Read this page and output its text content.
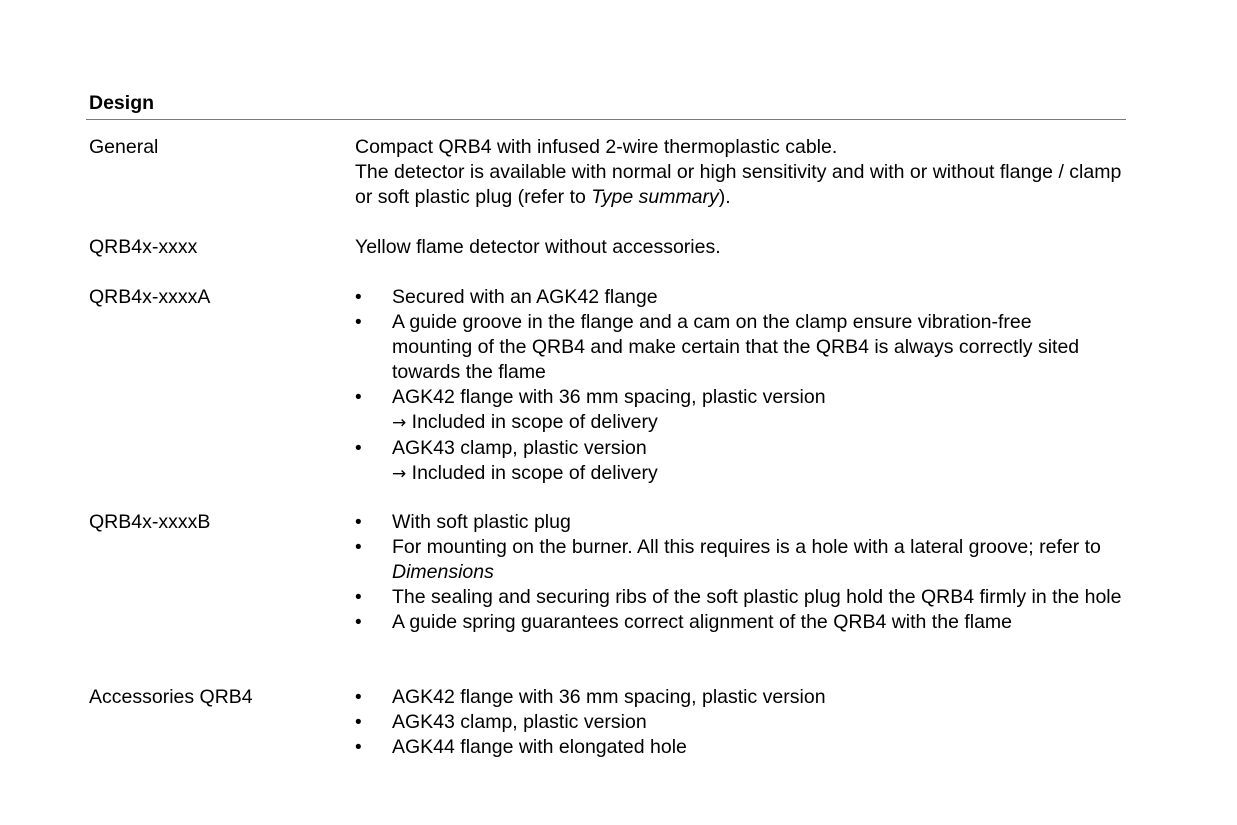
Design
General	Compact QRB4 with infused 2-wire thermoplastic cable.

The detector is available with normal or high sensitivity and with or without flange / clamp or soft plastic plug (refer to Type summary).

QRB4x-xxxx	Yellow flame detector without accessories.

QRB4x-xxxxA	• Secured with an AGK42 flange
• A guide groove in the flange and a cam on the clamp ensure vibration-free mounting of the QRB4 and make certain that the QRB4 is always correctly sited towards the flame
• AGK42 flange with 36 mm spacing, plastic version
→ Included in scope of delivery
• AGK43 clamp, plastic version
→ Included in scope of delivery
QRB4x-xxxxB	• With soft plastic plug
• For mounting on the burner. All this requires is a hole with a lateral groove; refer to
Dimensions
• The sealing and securing ribs of the soft plastic plug hold the QRB4 firmly in the hole
• A guide spring guarantees correct alignment of the QRB4 with the flame
Accessories QRB4	• AGK42 flange with 36 mm spacing, plastic version
• AGK43 clamp, plastic version
• AGK44 flange with elongated hole
